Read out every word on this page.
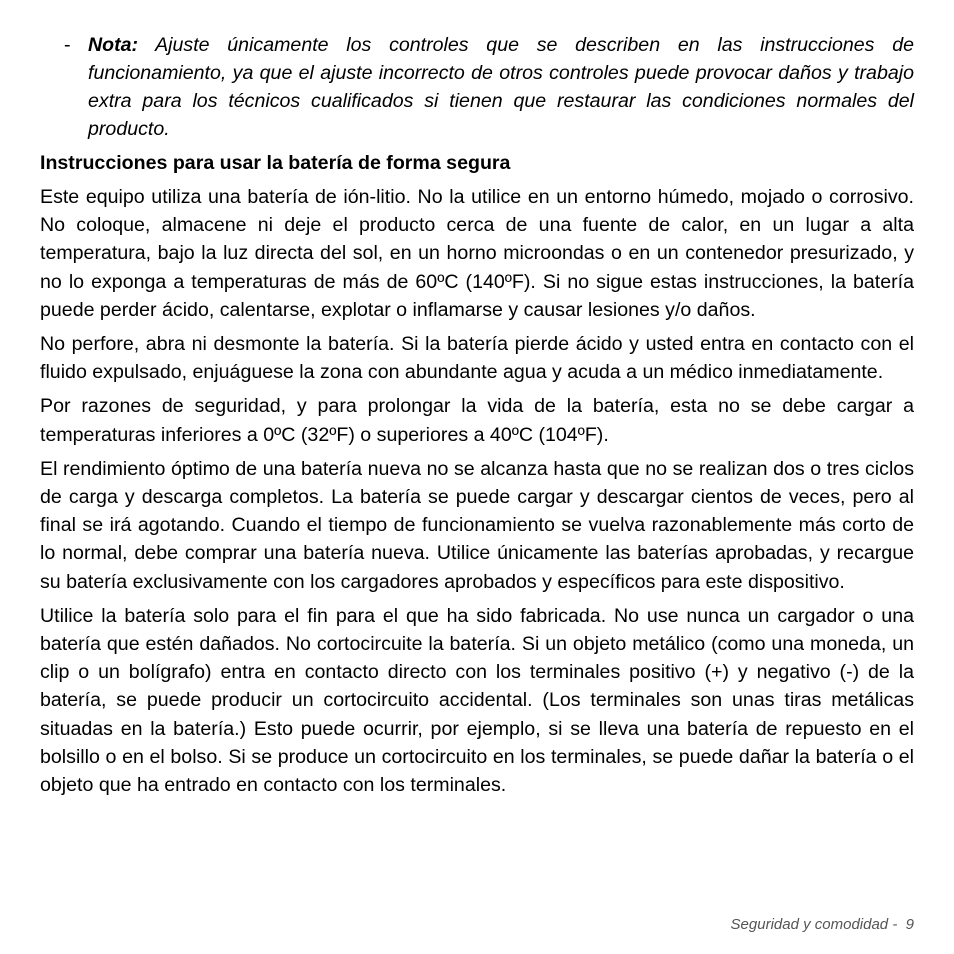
- Nota: Ajuste únicamente los controles que se describen en las instrucciones de funcionamiento, ya que el ajuste incorrecto de otros controles puede provocar daños y trabajo extra para los técnicos cualificados si tienen que restaurar las condiciones normales del producto.
Instrucciones para usar la batería de forma segura

Este equipo utiliza una batería de ión-litio. No la utilice en un entorno húmedo, mojado o corrosivo. No coloque, almacene ni deje el producto cerca de una fuente de calor, en un lugar a alta temperatura, bajo la luz directa del sol, en un horno microondas o en un contenedor presurizado, y no lo exponga a temperaturas de más de 60ºC (140ºF). Si no sigue estas instrucciones, la batería puede perder ácido, calentarse, explotar o inflamarse y causar lesiones y/o daños.

No perfore, abra ni desmonte la batería. Si la batería pierde ácido y usted entra en contacto con el fluido expulsado, enjuáguese la zona con abundante agua y acuda a un médico inmediatamente.

Por razones de seguridad, y para prolongar la vida de la batería, esta no se debe cargar a temperaturas inferiores a 0ºC (32ºF) o superiores a 40ºC (104ºF).

El rendimiento óptimo de una batería nueva no se alcanza hasta que no se realizan dos o tres ciclos de carga y descarga completos. La batería se puede cargar y descargar cientos de veces, pero al final se irá agotando. Cuando el tiempo de funcionamiento se vuelva razonablemente más corto de lo normal, debe comprar una batería nueva. Utilice únicamente las baterías aprobadas, y recargue su batería exclusivamente con los cargadores aprobados y específicos para este dispositivo.

Utilice la batería solo para el fin para el que ha sido fabricada. No use nunca un cargador o una batería que estén dañados. No cortocircuite la batería. Si un objeto metálico (como una moneda, un clip o un bolígrafo) entra en contacto directo con los terminales positivo (+) y negativo (-) de la batería, se puede producir un cortocircuito accidental. (Los terminales son unas tiras metálicas situadas en la batería.) Esto puede ocurrir, por ejemplo, si se lleva una batería de repuesto en el bolsillo o en el bolso. Si se produce un cortocircuito en los terminales, se puede dañar la batería o el objeto que ha entrado en contacto con los terminales.

Seguridad y comodidad -  9
